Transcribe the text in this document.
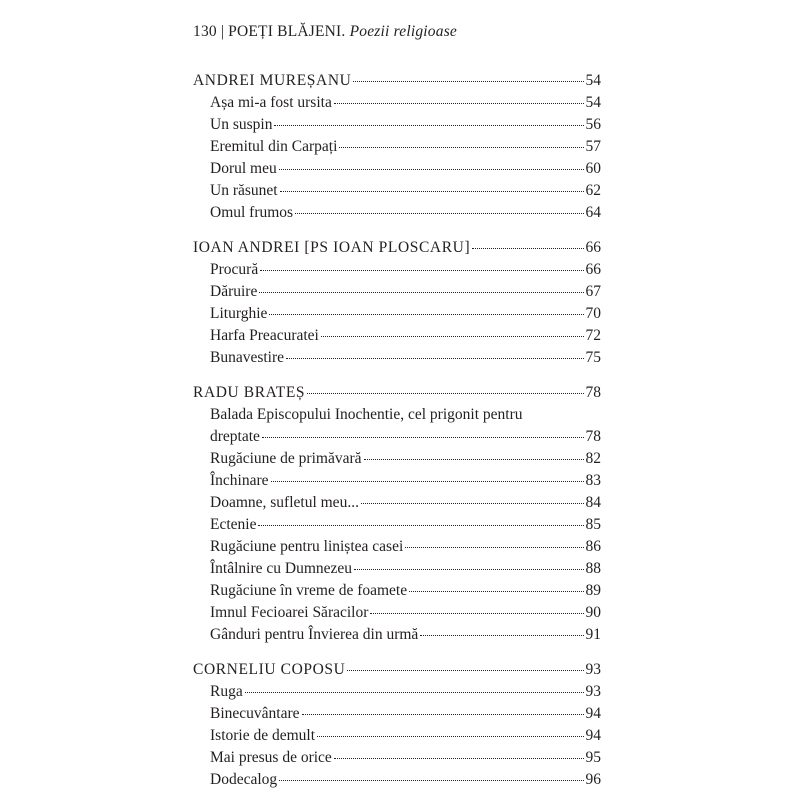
130 | POEȚI BLĂJENI. Poezii religioase
ANDREI MUREȘANU	54
Așa mi-a fost ursita	54
Un suspin	56
Eremitul din Carpați	57
Dorul meu	60
Un răsunet	62
Omul frumos	64
IOAN ANDREI [PS IOAN PLOSCARU]	66
Procură	66
Dăruire	67
Liturghie	70
Harfa Preacuratei	72
Bunavestire	75
RADU BRATEȘ	78
Balada Episcopului Inochentie, cel prigonit pentru
dreptate	78
Rugăciune de primăvară	82
Închinare	83
Doamne, sufletul meu...	84
Ectenie	85
Rugăciune pentru liniștea casei	86
Întâlnire cu Dumnezeu	88
Rugăciune în vreme de foamete	89
Imnul Fecioarei Săracilor	90
Gânduri pentru Învierea din urmă	91
CORNELIU COPOSU	93
Ruga	93
Binecuvântare	94
Istorie de demult	94
Mai presus de orice	95
Dodecalog	96
